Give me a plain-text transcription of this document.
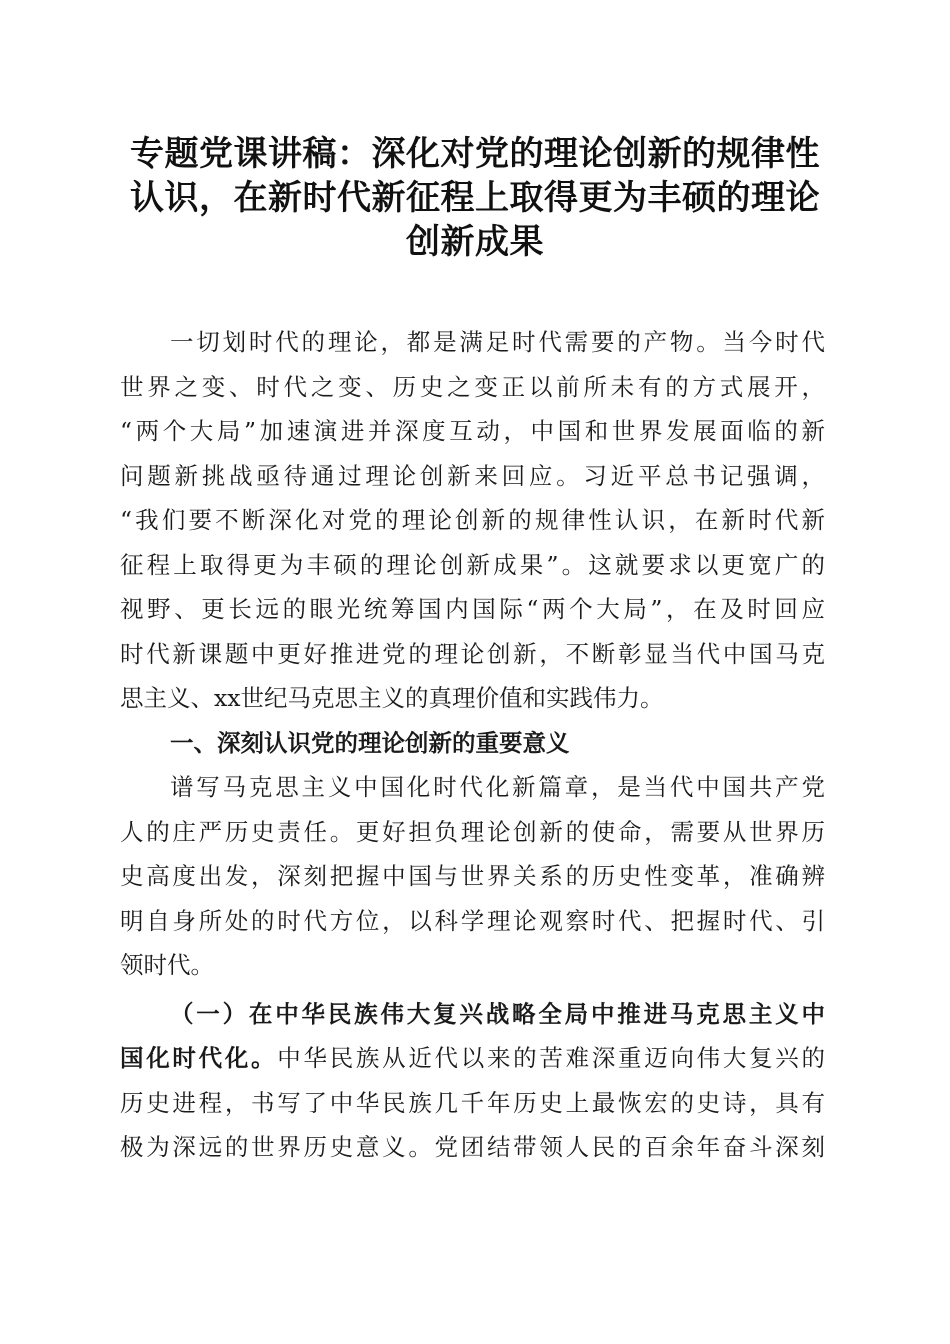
专题党课讲稿：深化对党的理论创新的规律性
认识，在新时代新征程上取得更为丰硕的理论
创新成果
一切划时代的理论，都是满足时代需要的产物。当今时代
世界之变、时代之变、历史之变正以前所未有的方式展开，
“两个大局”加速演进并深度互动，中国和世界发展面临的新
问题新挑战亟待通过理论创新来回应。习近平总书记强调，
“我们要不断深化对党的理论创新的规律性认识，在新时代新
征程上取得更为丰硕的理论创新成果”。这就要求以更宽广的
视野、更长远的眼光统筹国内国际“两个大局”，在及时回应
时代新课题中更好推进党的理论创新，不断彰显当代中国马克
思主义、xx世纪马克思主义的真理价值和实践伟力。
一、深刻认识党的理论创新的重要意义
谱写马克思主义中国化时代化新篇章，是当代中国共产党
人的庄严历史责任。更好担负理论创新的使命，需要从世界历
史高度出发，深刻把握中国与世界关系的历史性变革，准确辨
明自身所处的时代方位，以科学理论观察时代、把握时代、引
领时代。
（一）在中华民族伟大复兴战略全局中推进马克思主义中
国化时代化。中华民族从近代以来的苦难深重迈向伟大复兴的
历史进程，书写了中华民族几千年历史上最恢宏的史诗，具有
极为深远的世界历史意义。党团结带领人民的百余年奋斗深刻
